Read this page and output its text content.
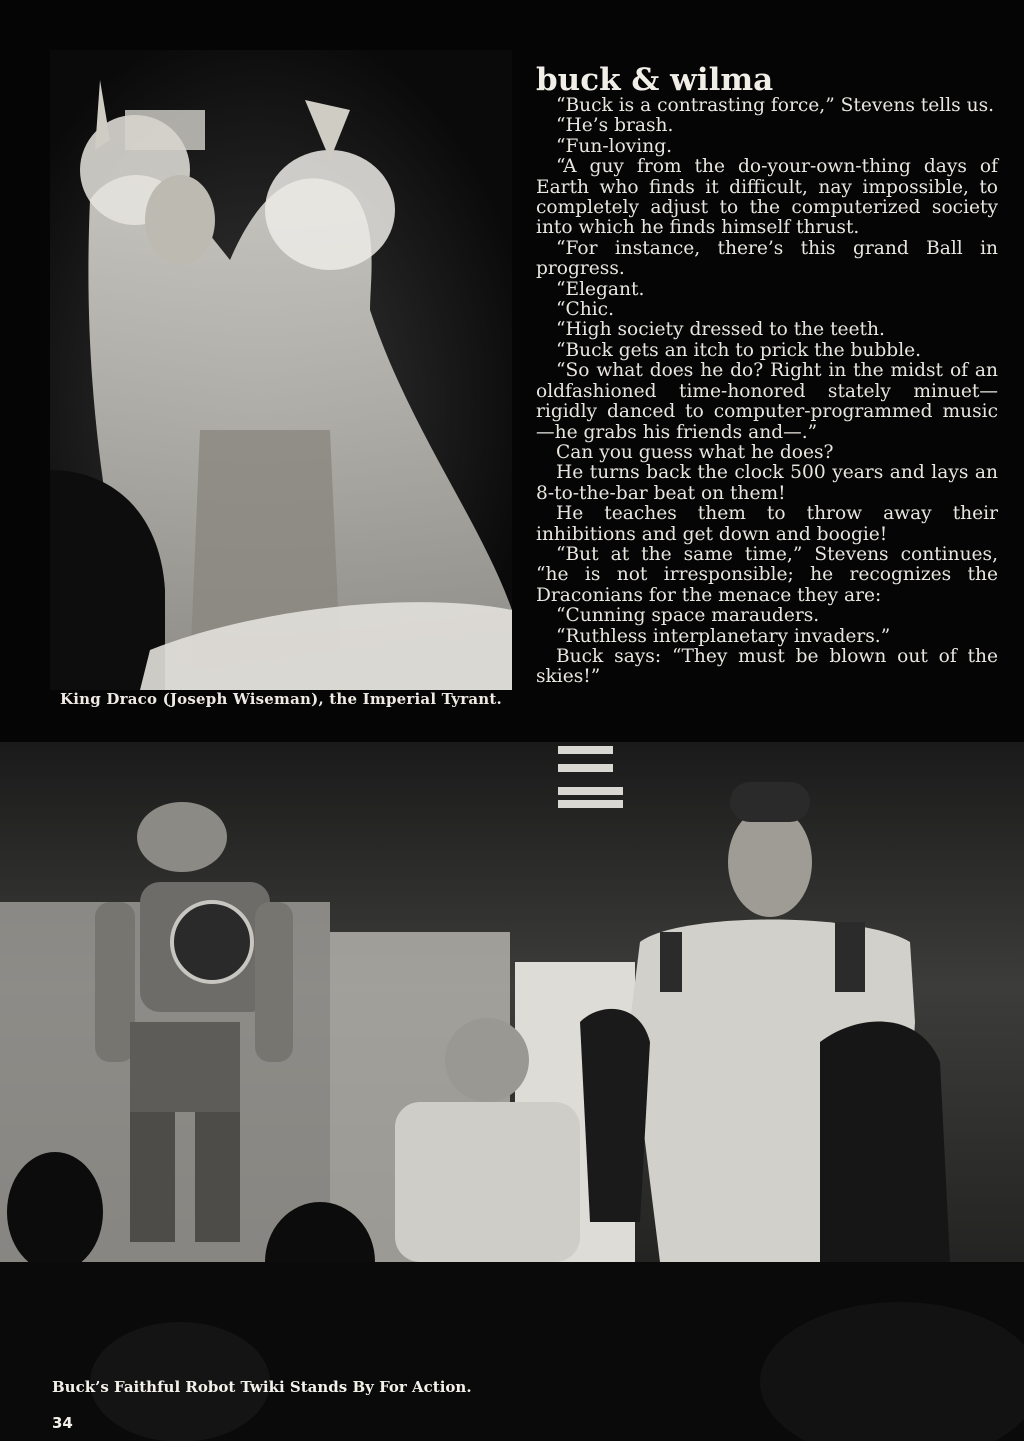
King Draco (Joseph Wiseman), the Imperial Tyrant.
buck & wilma

“Buck is a contrasting force,” Stevens tells us.

“He’s brash.

“Fun-loving.

“A guy from the do-your-own-thing days of Earth who finds it difficult, nay impossible, to completely adjust to the computerized society into which he finds himself thrust.

“For instance, there’s this grand Ball in progress.

“Elegant.

“Chic.

“High society dressed to the teeth.

“Buck gets an itch to prick the bubble.

“So what does he do? Right in the midst of an oldfashioned time-honored stately minuet—rigidly danced to computer-programmed music—he grabs his friends and—.”

Can you guess what he does?

He turns back the clock 500 years and lays an 8-to-the-bar beat on them!

He teaches them to throw away their inhibitions and get down and boogie!

“But at the same time,” Stevens continues, “he is not irresponsible; he recognizes the Draconians for the menace they are:

“Cunning space marauders.

“Ruthless interplanetary invaders.”

Buck says: “They must be blown out of the skies!”

Buck’s Faithful Robot Twiki Stands By For Action.
34
